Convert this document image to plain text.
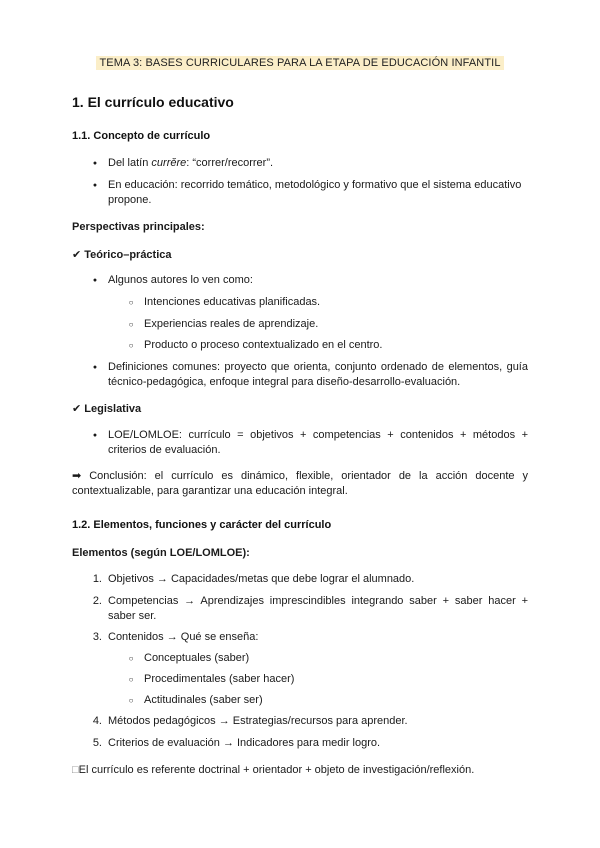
TEMA 3: BASES CURRICULARES PARA LA ETAPA DE EDUCACIÓN INFANTIL
1. El currículo educativo
1.1. Concepto de currículo
●
Del latín currĕre: “correr/recorrer”.
●
En educación: recorrido temático, metodológico y formativo que el sistema educativo propone.
Perspectivas principales:
✔ Teórico–práctica
●
Algunos autores lo ven como:
○
Intenciones educativas planificadas.
○
Experiencias reales de aprendizaje.
○
Producto o proceso contextualizado en el centro.
●
Definiciones comunes: proyecto que orienta, conjunto ordenado de elementos, guía técnico-pedagógica, enfoque integral para diseño-desarrollo-evaluación.
✔ Legislativa
●
LOE/LOMLOE: currículo = objetivos + competencias + contenidos + métodos + criterios de evaluación.
➡ Conclusión: el currículo es dinámico, flexible, orientador de la acción docente y contextualizable, para garantizar una educación integral.
1.2. Elementos, funciones y carácter del currículo
Elementos (según LOE/LOMLOE):
1. Objetivos → Capacidades/metas que debe lograr el alumnado.
2. Competencias → Aprendizajes imprescindibles integrando saber + saber hacer + saber ser.
3. Contenidos → Qué se enseña:
○
Conceptuales (saber)
○
Procedimentales (saber hacer)
○
Actitudinales (saber ser)
4. Métodos pedagógicos → Estrategias/recursos para aprender.
5. Criterios de evaluación → Indicadores para medir logro.
□El currículo es referente doctrinal + orientador + objeto de investigación/reflexión.
